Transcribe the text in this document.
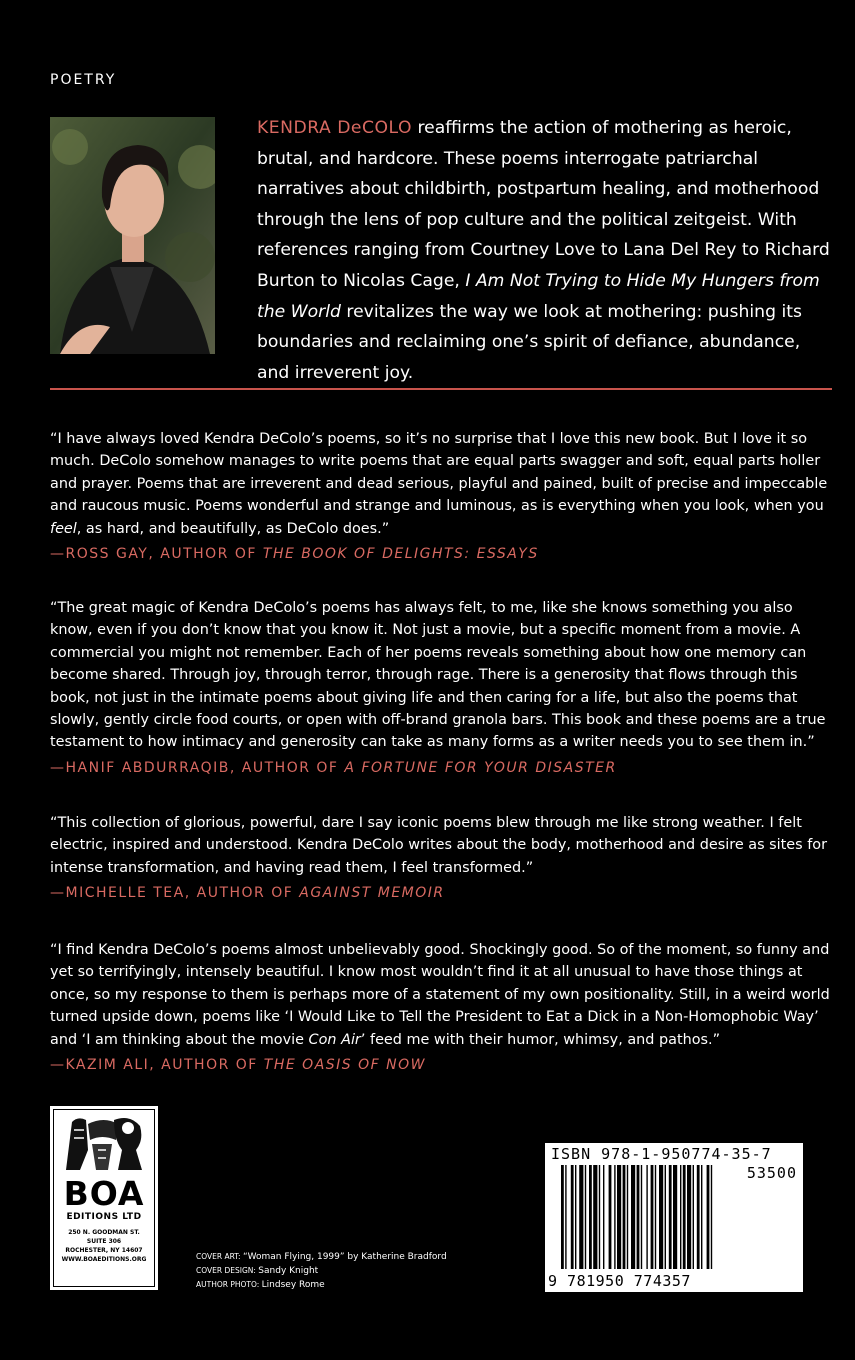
POETRY
KENDRA DeCOLO reaffirms the action of mothering as heroic, brutal, and hardcore. These poems interrogate patriarchal narratives about childbirth, postpartum healing, and motherhood through the lens of pop culture and the political zeitgeist. With references ranging from Courtney Love to Lana Del Rey to Richard Burton to Nicolas Cage, I Am Not Trying to Hide My Hungers from the World revitalizes the way we look at mothering: pushing its boundaries and reclaiming one’s spirit of defiance, abundance, and irreverent joy.
“I have always loved Kendra DeColo’s poems, so it’s no surprise that I love this new book. But I love it so much. DeColo somehow manages to write poems that are equal parts swagger and soft, equal parts holler and prayer. Poems that are irreverent and dead serious, playful and pained, built of precise and impeccable and raucous music. Poems wonderful and strange and luminous, as is everything when you look, when you feel, as hard, and beautifully, as DeColo does.”
—ROSS GAY, AUTHOR OF THE BOOK OF DELIGHTS: ESSAYS
“The great magic of Kendra DeColo’s poems has always felt, to me, like she knows something you also know, even if you don’t know that you know it. Not just a movie, but a specific moment from a movie. A commercial you might not remember. Each of her poems reveals something about how one memory can become shared. Through joy, through terror, through rage. There is a generosity that flows through this book, not just in the intimate poems about giving life and then caring for a life, but also the poems that slowly, gently circle food courts, or open with off-brand granola bars. This book and these poems are a true testament to how intimacy and generosity can take as many forms as a writer needs you to see them in.”
—HANIF ABDURRAQIB, AUTHOR OF A FORTUNE FOR YOUR DISASTER
“This collection of glorious, powerful, dare I say iconic poems blew through me like strong weather. I felt electric, inspired and understood. Kendra DeColo writes about the body, motherhood and desire as sites for intense transformation, and having read them, I feel transformed.”
—MICHELLE TEA, AUTHOR OF AGAINST MEMOIR
“I find Kendra DeColo’s poems almost unbelievably good. Shockingly good. So of the moment, so funny and yet so terrifyingly, intensely beautiful. I know most wouldn’t find it at all unusual to have those things at once, so my response to them is perhaps more of a statement of my own positionality. Still, in a weird world turned upside down, poems like ‘I Would Like to Tell the President to Eat a Dick in a Non-Homophobic Way’ and ‘I am thinking about the movie Con Air’ feed me with their humor, whimsy, and pathos.”
—KAZIM ALI, AUTHOR OF THE OASIS OF NOW
BOA
EDITIONS LTD
250 N. GOODMAN ST.
SUITE 306
ROCHESTER, NY 14607
WWW.BOAEDITIONS.ORG	COVER ART: “Woman Flying, 1999” by Katherine Bradford
COVER DESIGN: Sandy Knight
AUTHOR PHOTO: Lindsey Rome
ISBN 978-1-950774-35-7
53500
9 781950 774357
